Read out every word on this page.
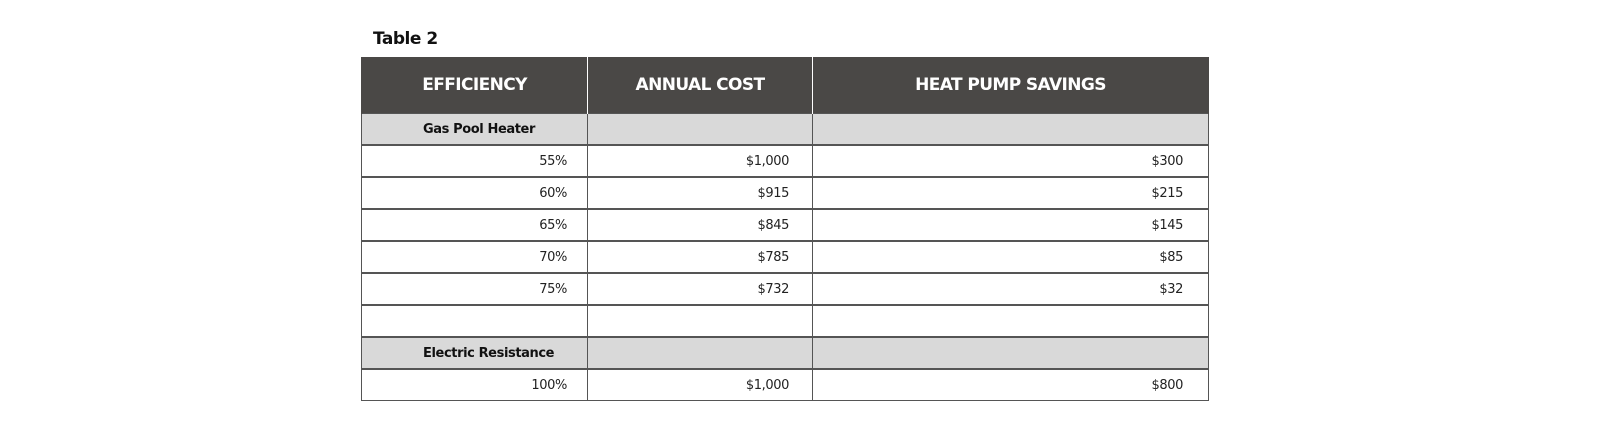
Table 2
EFFICIENCY	ANNUAL COST	HEAT PUMP SAVINGS
Gas Pool Heater		
55%	$1,000	$300
60%	$915	$215
65%	$845	$145
70%	$785	$85
75%	$732	$32

Electric Resistance		
100%	$1,000	$800
